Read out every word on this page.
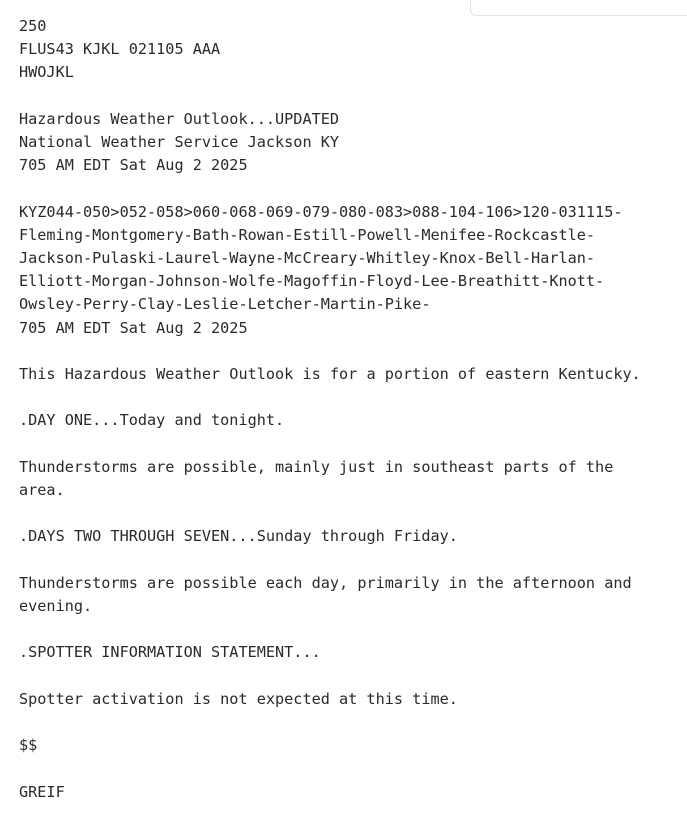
250
FLUS43 KJKL 021105 AAA
HWOJKL
Hazardous Weather Outlook...UPDATED
National Weather Service Jackson KY
705 AM EDT Sat Aug 2 2025
KYZ044-050>052-058>060-068-069-079-080-083>088-104-106>120-031115-
Fleming-Montgomery-Bath-Rowan-Estill-Powell-Menifee-Rockcastle-
Jackson-Pulaski-Laurel-Wayne-McCreary-Whitley-Knox-Bell-Harlan-
Elliott-Morgan-Johnson-Wolfe-Magoffin-Floyd-Lee-Breathitt-Knott-
Owsley-Perry-Clay-Leslie-Letcher-Martin-Pike-
705 AM EDT Sat Aug 2 2025
This Hazardous Weather Outlook is for a portion of eastern Kentucky.
.DAY ONE...Today and tonight.
Thunderstorms are possible, mainly just in southeast parts of the
area.
.DAYS TWO THROUGH SEVEN...Sunday through Friday.
Thunderstorms are possible each day, primarily in the afternoon and
evening.
.SPOTTER INFORMATION STATEMENT...
Spotter activation is not expected at this time.
$$
GREIF
